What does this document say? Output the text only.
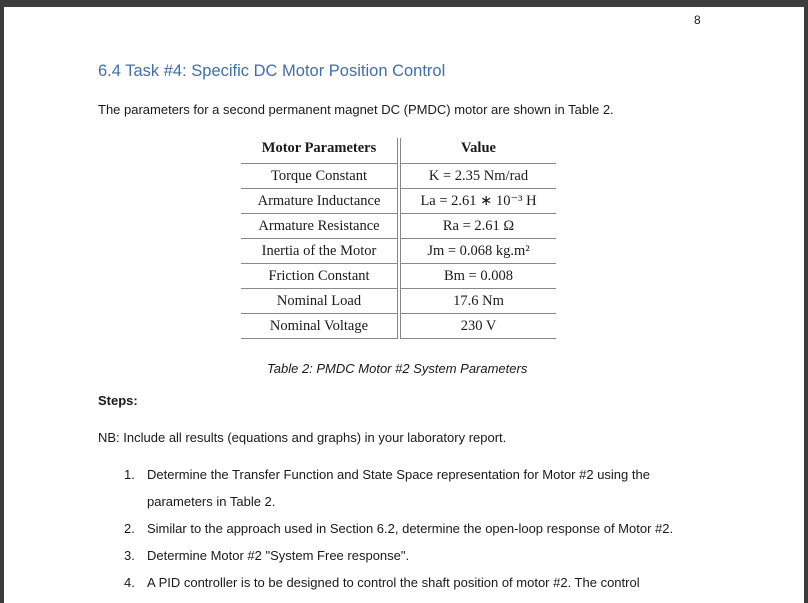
8
6.4 Task #4: Specific DC Motor Position Control
The parameters for a second permanent magnet DC (PMDC) motor are shown in Table 2.
Motor Parameters	Value
Torque Constant	K = 2.35 Nm/rad
Armature Inductance	La = 2.61 ∗ 10⁻³ H
Armature Resistance	Ra = 2.61 Ω
Inertia of the Motor	Jm = 0.068 kg.m²
Friction Constant	Bm = 0.008
Nominal Load	17.6 Nm
Nominal Voltage	230 V
Table 2: PMDC Motor #2 System Parameters
Steps:
NB: Include all results (equations and graphs) in your laboratory report.
1. Determine the Transfer Function and State Space representation for Motor #2 using the
parameters in Table 2.
2. Similar to the approach used in Section 6.2, determine the open-loop response of Motor #2.
3. Determine Motor #2 "System Free response".
4. A PID controller is to be designed to control the shaft position of motor #2. The control
